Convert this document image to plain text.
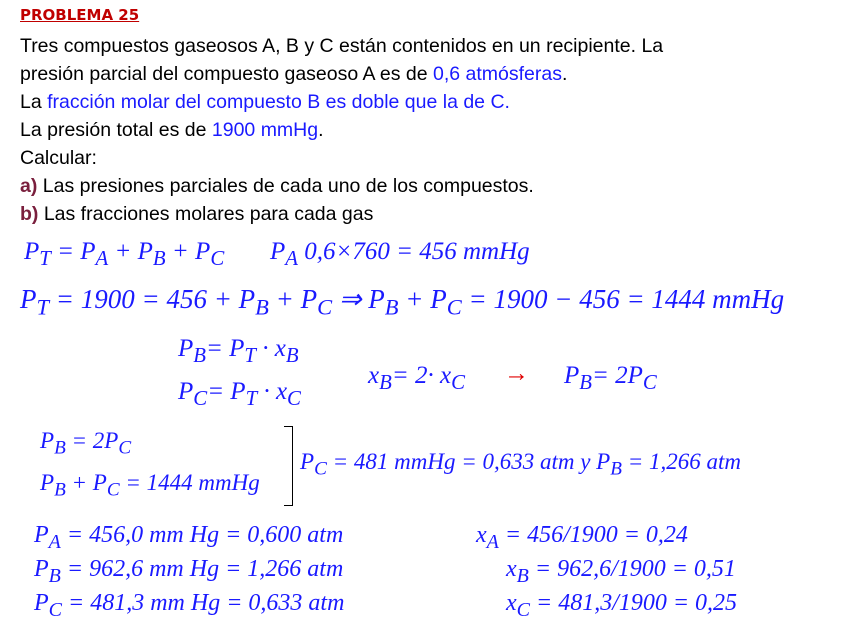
PROBLEMA 25
Tres compuestos gaseosos A, B y C están contenidos en un recipiente. La
presión parcial del compuesto gaseoso A es de 0,6 atmósferas.
La fracción molar del compuesto B es doble que la de C.
La presión total es de 1900 mmHg.
Calcular:
a) Las presiones parciales de cada uno de los compuestos.
b) Las fracciones molares para cada gas
$P_T = P_A + P_B + P_C$ $P_A$ 0,6×760 = 456 mmHg
$P_T = 1900 = 456 + P_B + P_C$ ⇒ $P_B + P_C = 1900 - 456 = 1444$ mmHg
$P_B= P_T \cdot x_B$
$P_C= P_T \cdot x_C$
$x_B= 2\cdot x_C \to P_B= 2P_C$
$P_B = 2P_C$
$P_B + P_C = 1444$ mmHg
$P_C = 481$ mmHg = 0,633 atm y $P_B = 1,266$ atm
$P_A = 456,0$ mm Hg = 0,600 atm
$P_B = 962,6$ mm Hg = 1,266 atm
$P_C = 481,3$ mm Hg = 0,633 atm
$x_A = 456/1900 = 0,24$
$x_B = 962,6/1900 = 0,51$
$x_C = 481,3/1900 = 0,25$
